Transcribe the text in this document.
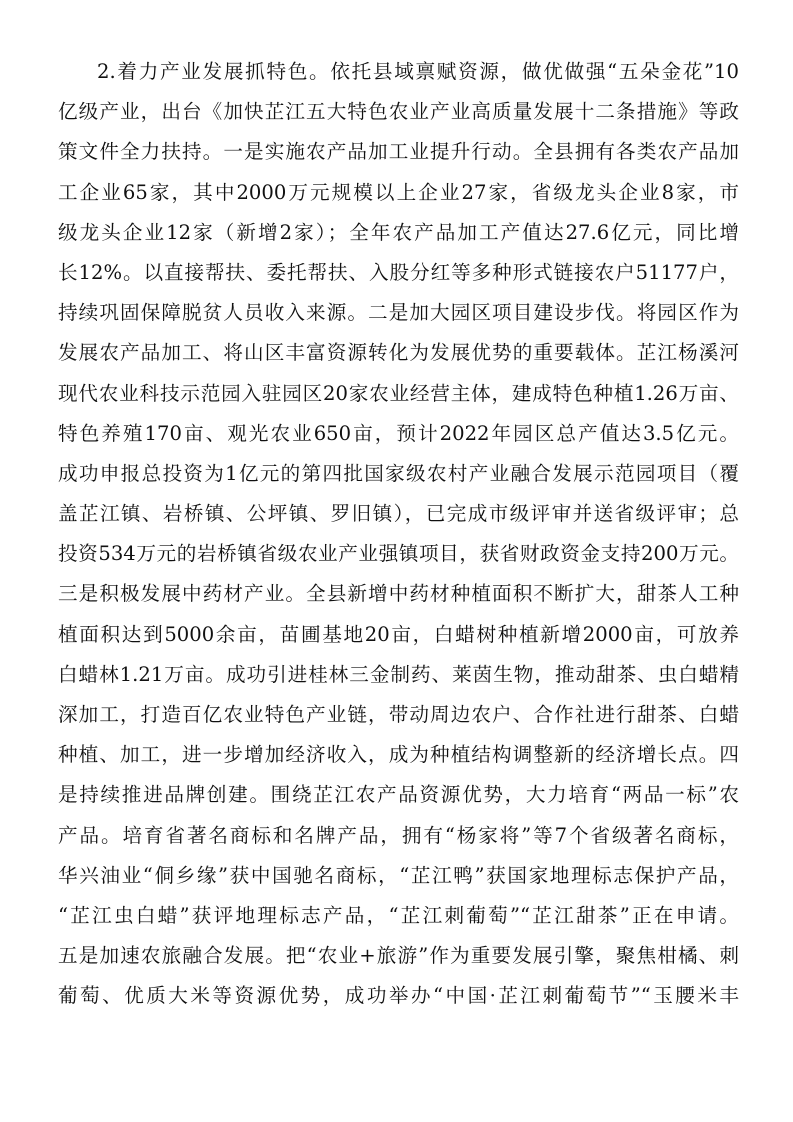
2.着力产业发展抓特色。依托县域禀赋资源，做优做强“五朵金花”10
亿级产业，出台《加快芷江五大特色农业产业高质量发展十二条措施》等政
策文件全力扶持。一是实施农产品加工业提升行动。全县拥有各类农产品加
工企业65家，其中2000万元规模以上企业27家，省级龙头企业8家，市
级龙头企业12家（新增2家）；全年农产品加工产值达27.6亿元，同比增
长12%。以直接帮扶、委托帮扶、入股分红等多种形式链接农户51177户，
持续巩固保障脱贫人员收入来源。二是加大园区项目建设步伐。将园区作为
发展农产品加工、将山区丰富资源转化为发展优势的重要载体。芷江杨溪河
现代农业科技示范园入驻园区20家农业经营主体，建成特色种植1.26万亩、
特色养殖170亩、观光农业650亩，预计2022年园区总产值达3.5亿元。
成功申报总投资为1亿元的第四批国家级农村产业融合发展示范园项目（覆
盖芷江镇、岩桥镇、公坪镇、罗旧镇），已完成市级评审并送省级评审；总
投资534万元的岩桥镇省级农业产业强镇项目，获省财政资金支持200万元。
三是积极发展中药材产业。全县新增中药材种植面积不断扩大，甜茶人工种
植面积达到5000余亩，苗圃基地20亩，白蜡树种植新增2000亩，可放养
白蜡林1.21万亩。成功引进桂林三金制药、莱茵生物，推动甜茶、虫白蜡精
深加工，打造百亿农业特色产业链，带动周边农户、合作社进行甜茶、白蜡
种植、加工，进一步增加经济收入，成为种植结构调整新的经济增长点。四
是持续推进品牌创建。围绕芷江农产品资源优势，大力培育“两品一标”农
产品。培育省著名商标和名牌产品，拥有“杨家将”等7个省级著名商标，
华兴油业“侗乡缘”获中国驰名商标，“芷江鸭”获国家地理标志保护产品，
“芷江虫白蜡”获评地理标志产品，“芷江刺葡萄”“芷江甜茶”正在申请。
五是加速农旅融合发展。把“农业+旅游”作为重要发展引擎，聚焦柑橘、刺
葡萄、优质大米等资源优势，成功举办“中国·芷江刺葡萄节”“玉腰米丰
